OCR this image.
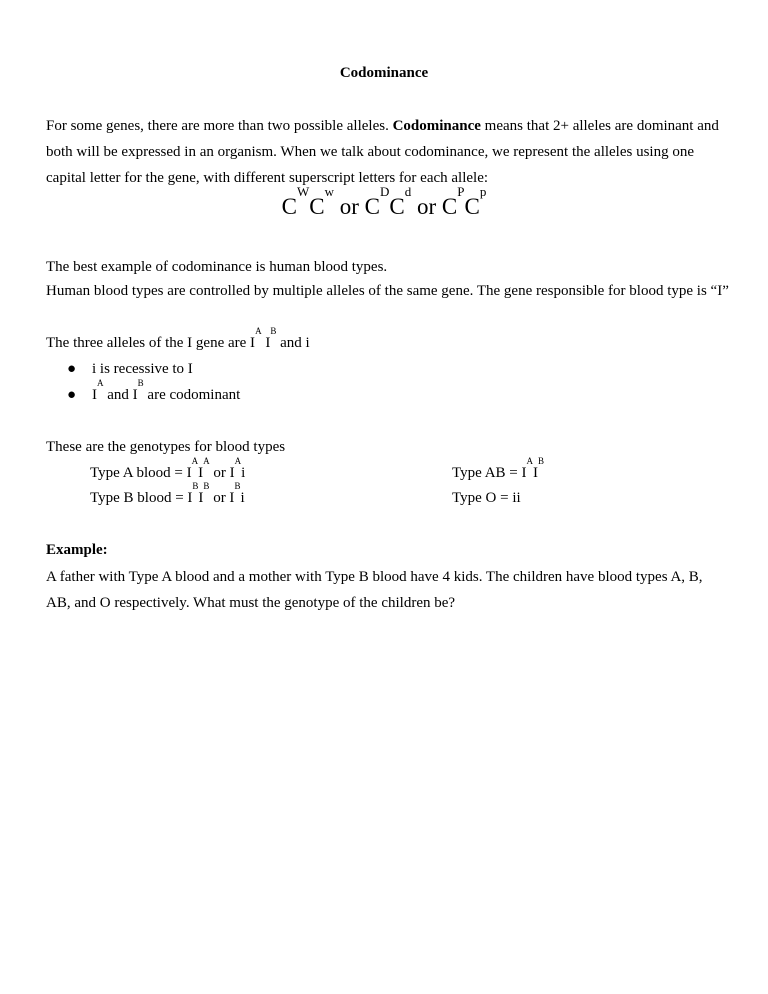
Codominance
For some genes, there are more than two possible alleles. Codominance means that 2+ alleles are dominant and
both will be expressed in an organism. When we talk about codominance, we represent the alleles using one
capital letter for the gene, with different superscript letters for each allele:
$C^WC^w$ or $C^DC^d$ or $C^PC^p$
The best example of codominance is human blood types.
Human blood types are controlled by multiple alleles of the same gene. The gene responsible for blood type is “I”
The three alleles of the I gene are $I^A$ $I^B$ and i
● i is recessive to I
● $I^A$ and $I^B$ are codominant
These are the genotypes for blood types
Type A blood = $I^AI^A$ or $I^Ai$
Type B blood = $I^BI^B$ or $I^Bi$
Type AB = $I^AI^B$
Type O = ii
Example:
A father with Type A blood and a mother with Type B blood have 4 kids. The children have blood types A, B,
AB, and O respectively. What must the genotype of the children be?
